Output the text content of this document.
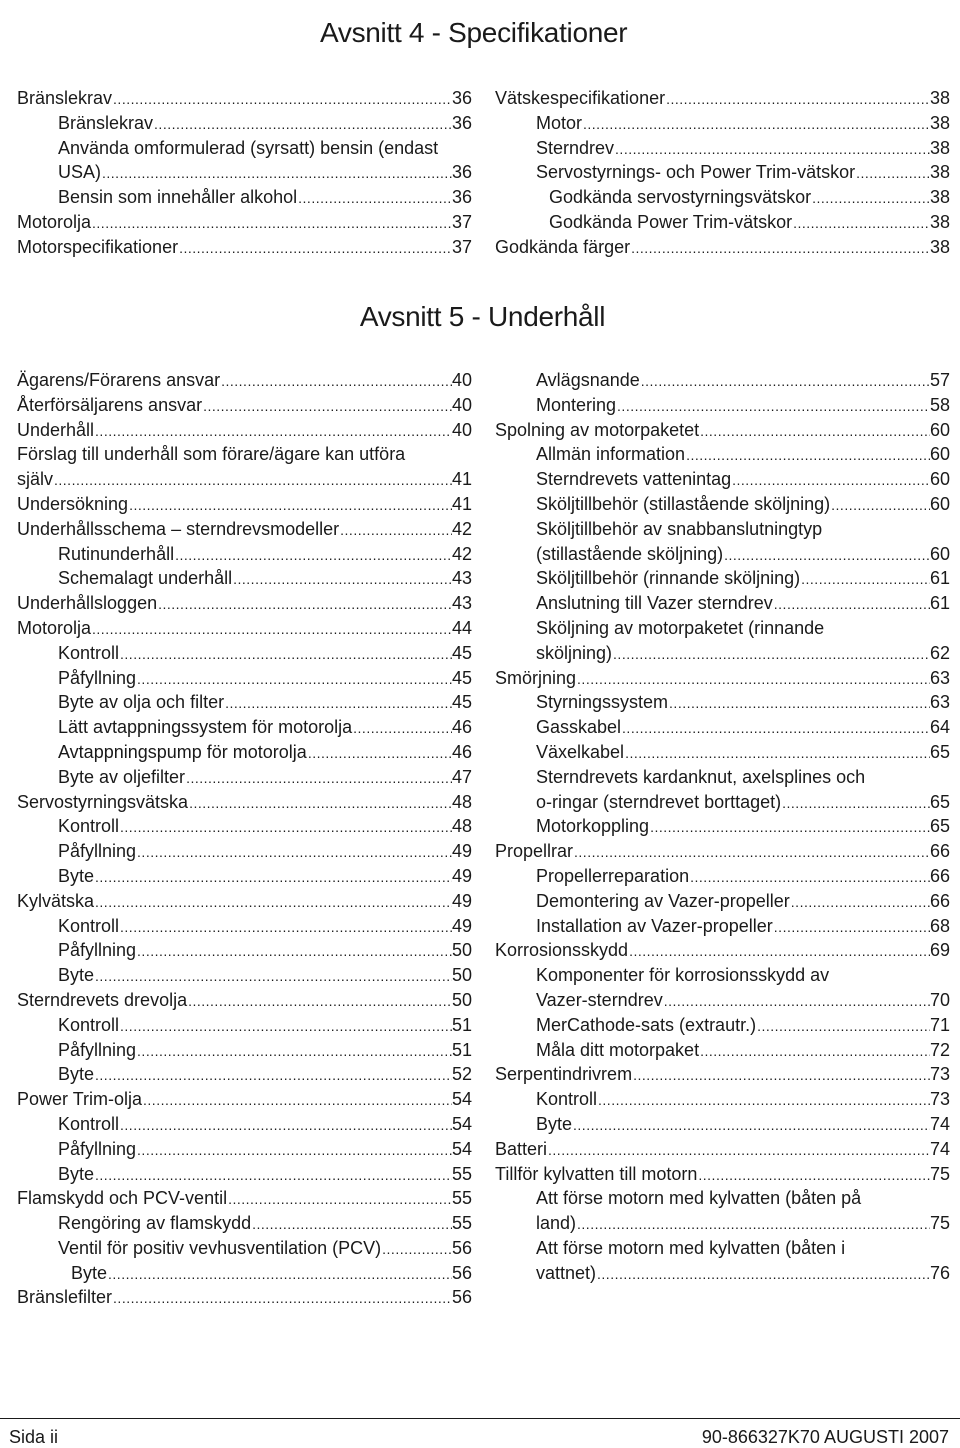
Avsnitt 4 - Specifikationer
Bränslekrav .....	36
Bränslekrav .....	36
Använda omformulerad (syrsatt) bensin (endast
USA) .....	36
Bensin som innehåller alkohol .....	36
Motorolja .....	37
Motorspecifikationer .....	37
Vätskespecifikationer .....	38
Motor .....	38
Sterndrev .....	38
Servostyrnings- och Power Trim-vätskor .....	38
Godkända servostyrningsvätskor .....	38
Godkända Power Trim-vätskor .....	38
Godkända färger .....	38
Avsnitt 5 - Underhåll
Ägarens/Förarens ansvar .....	40
Återförsäljarens ansvar .....	40
Underhåll .....	40
Förslag till underhåll som förare/ägare kan utföra
själv .....	41
Undersökning .....	41
Underhållsschema – sterndrevsmodeller .....	42
Rutinunderhåll .....	42
Schemalagt underhåll .....	43
Underhållsloggen .....	43
Motorolja .....	44
Kontroll .....	45
Påfyllning .....	45
Byte av olja och filter .....	45
Lätt avtappningssystem för motorolja .....	46
Avtappningspump för motorolja .....	46
Byte av oljefilter .....	47
Servostyrningsvätska .....	48
Kontroll .....	48
Påfyllning .....	49
Byte .....	49
Kylvätska .....	49
Kontroll .....	49
Påfyllning .....	50
Byte .....	50
Sterndrevets drevolja .....	50
Kontroll .....	51
Påfyllning .....	51
Byte .....	52
Power Trim-olja .....	54
Kontroll .....	54
Påfyllning .....	54
Byte .....	55
Flamskydd och PCV-ventil .....	55
Rengöring av flamskydd .....	55
Ventil för positiv vevhusventilation (PCV) .....	56
Byte .....	56
Bränslefilter .....	56
Avlägsnande .....	57
Montering .....	58
Spolning av motorpaketet .....	60
Allmän information .....	60
Sterndrevets vattenintag .....	60
Sköljtillbehör (stillastående sköljning) .....	60
Sköljtillbehör av snabbanslutningtyp
(stillastående sköljning) .....	60
Sköljtillbehör (rinnande sköljning) .....	61
Anslutning till Vazer sterndrev .....	61
Sköljning av motorpaketet (rinnande
sköljning) .....	62
Smörjning .....	63
Styrningssystem .....	63
Gasskabel .....	64
Växelkabel .....	65
Sterndrevets kardanknut, axelsplines och
o-ringar (sterndrevet borttaget) .....	65
Motorkoppling .....	65
Propellrar .....	66
Propellerreparation .....	66
Demontering av Vazer-propeller .....	66
Installation av Vazer-propeller .....	68
Korrosionsskydd .....	69
Komponenter för korrosionsskydd av
Vazer-sterndrev .....	70
MerCathode-sats (extrautr.) .....	71
Måla ditt motorpaket .....	72
Serpentindrivrem .....	73
Kontroll .....	73
Byte .....	74
Batteri .....	74
Tillför kylvatten till motorn .....	75
Att förse motorn med kylvatten (båten på
land) .....	75
Att förse motorn med kylvatten (båten i
vattnet) .....	76
Sida ii	90-866327K70 AUGUSTI 2007
